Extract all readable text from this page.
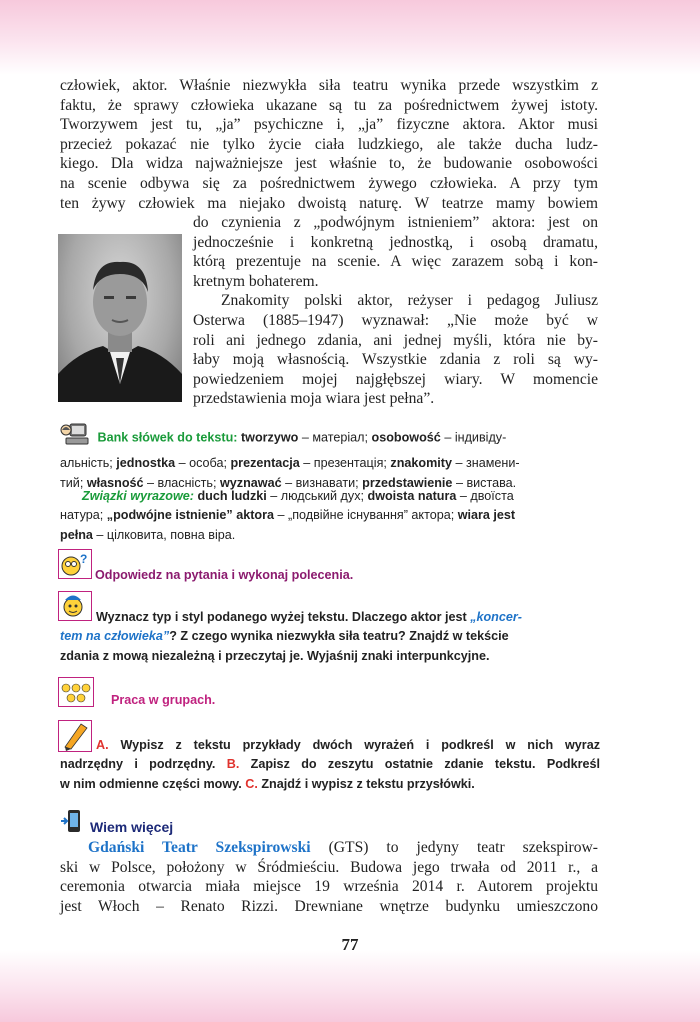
człowiek, aktor. Właśnie niezwykła siła teatru wynika przede wszystkim z

faktu, że sprawy człowieka ukazane są tu za pośrednictwem żywej istoty.

Tworzywem jest tu, „ja” psychiczne i, „ja” fizyczne aktora. Aktor musi

przecież pokazać nie tylko życie ciała ludzkiego, ale także ducha ludz-

kiego. Dla widza najważniejsze jest właśnie to, że budowanie osobowości

na scenie odbywa się za pośrednictwem żywego człowieka. A przy tym

ten żywy człowiek ma niejako dwoistą naturę. W teatrze mamy bowiem

do czynienia z „podwójnym istnieniem” aktora: jest on
jednocześnie i konkretną jednostką, i osobą dramatu,
którą prezentuje na scenie. A więc zarazem sobą i kon-
kretnym bohaterem.
Znakomity polski aktor, reżyser i pedagog Juliusz
Osterwa (1885–1947) wyznawał: „Nie może być w
roli ani jednego zdania, ani jednej myśli, która nie by-
łaby moją własnością. Wszystkie zdania z roli są wy-
powiedzeniem mojej najgłębszej wiary. W momencie
przedstawienia moja wiara jest pełna”.
Bank słówek do tekstu: tworzywo – матеріал; osobowość – індивіду-
альність; jednostka – особа; prezentacja – презентація; znakomity – знамени-
тий; własność – власність; wyznawać – визнавати; przedstawienie – вистава.
Związki wyrazowe: duch ludzki – людський дух; dwoista natura – двоїста
натура; „podwójne istnienie” aktora – „подвійне існування” актора; wiara jest
pełna – цілковита, повна віра.
?
Odpowiedz na pytania i wykonaj polecenia.
Wyznacz typ i styl podanego wyżej tekstu. Dlaczego aktor jest „koncer-
tem na człowieka”? Z czego wynika niezwykła siła teatru? Znajdź w tekście
zdania z mową niezależną i przeczytaj je. Wyjaśnij znaki interpunkcyjne.
Praca w grupach.
A. Wypisz z tekstu przykłady dwóch wyrażeń i podkreśl w nich wyraz
nadrzędny i podrzędny. B. Zapisz do zeszytu ostatnie zdanie tekstu. Podkreśl
w nim odmienne części mowy. C. Znajdź i wypisz z tekstu przysłówki.
Wiem więcej
Gdański Teatr Szekspirowski (GTS) to jedyny teatr szekspirow-
ski w Polsce, położony w Śródmieściu. Budowa jego trwała od 2011 r., a
ceremonia otwarcia miała miejsce 19 września 2014 r. Autorem projektu
jest Włoch – Renato Rizzi. Drewniane wnętrze budynku umieszczono
77
